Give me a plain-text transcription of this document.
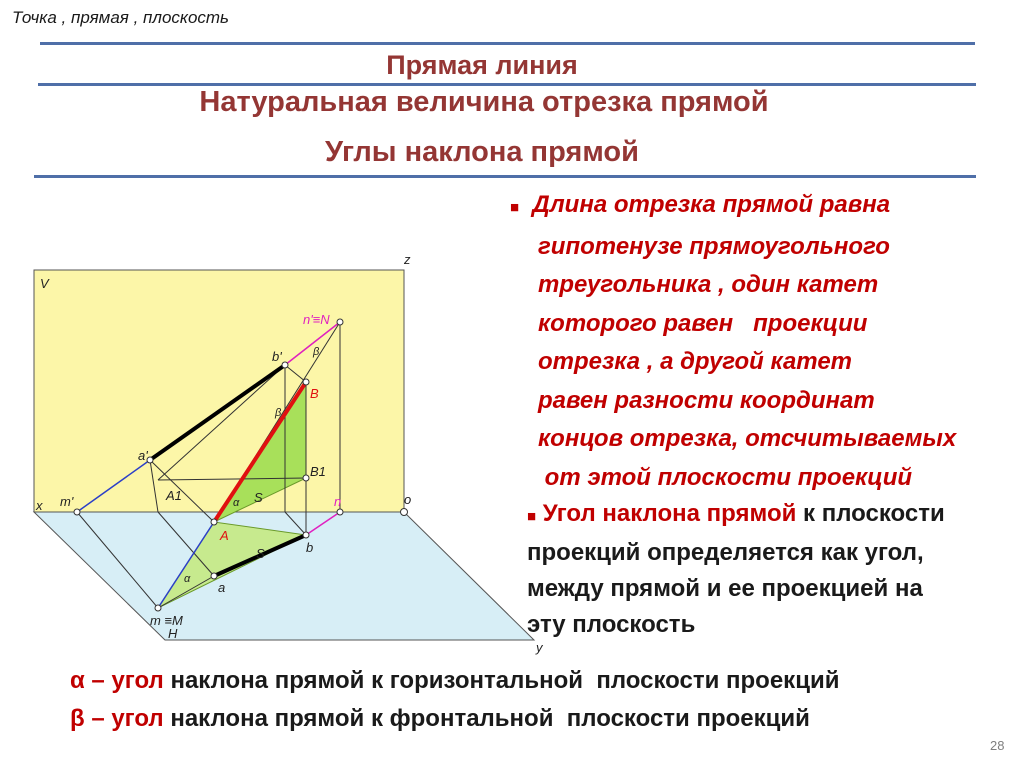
Точка , прямая , плоскость
Прямая линия
Натуральная величина отрезка прямой
Углы наклона прямой
z
V
x	o
y
H
n'≡N
b'	β
B
β
a'
A1
B1
m'	n
α S
A
b
S
α
a
m ≡M
■ Длина отрезка прямой равна
гипотенузе прямоугольного
треугольника , один катет
которого равен   проекции
отрезка , а другой катет
равен разности координат
концов отрезка, отсчитываемых
от этой плоскости проекций
■ Угол наклона прямой к плоскости
проекций определяется как угол,
между прямой и ее проекцией на
эту плоскость
α – угол наклона прямой к горизонтальной  плоскости проекций
β – угол наклона прямой к фронтальной  плоскости проекций
28
